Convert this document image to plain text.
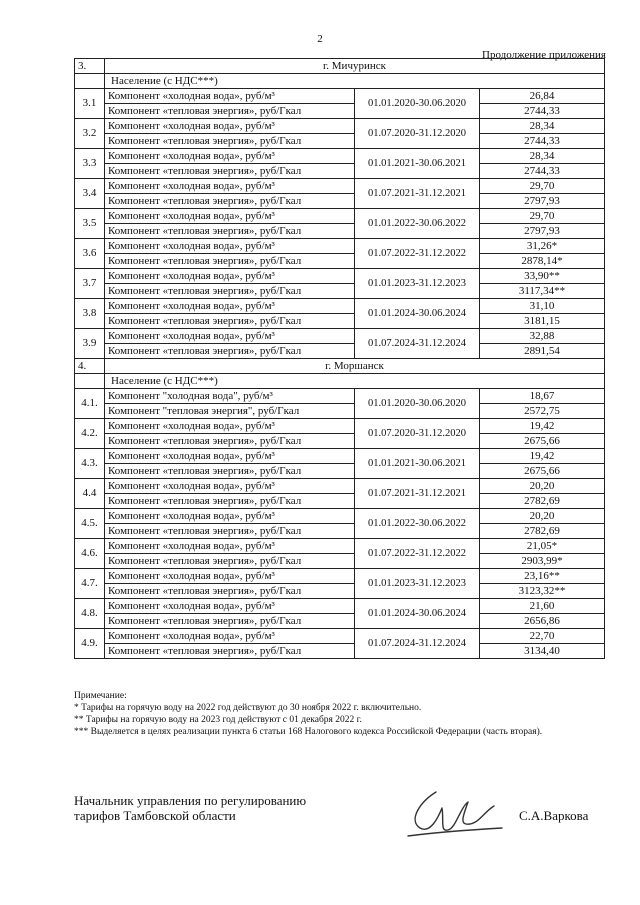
2
Продолжение приложения
3.	г. Мичуринск		
	Население (с НДС***)		
3.1	Компонент «холодная вода», руб/м³	01.01.2020-30.06.2020	26,84
	Компонент «тепловая энергия», руб/Гкал		2744,33
3.2	Компонент «холодная вода», руб/м³	01.07.2020-31.12.2020	28,34
	Компонент «тепловая энергия», руб/Гкал		2744,33
3.3	Компонент «холодная вода», руб/м³	01.01.2021-30.06.2021	28,34
	Компонент «тепловая энергия», руб/Гкал		2744,33
3.4	Компонент «холодная вода», руб/м³	01.07.2021-31.12.2021	29,70
	Компонент «тепловая энергия», руб/Гкал		2797,93
3.5	Компонент «холодная вода», руб/м³	01.01.2022-30.06.2022	29,70
	Компонент «тепловая энергия», руб/Гкал		2797,93
3.6	Компонент «холодная вода», руб/м³	01.07.2022-31.12.2022	31,26*
	Компонент «тепловая энергия», руб/Гкал		2878,14*
3.7	Компонент «холодная вода», руб/м³	01.01.2023-31.12.2023	33,90**
	Компонент «тепловая энергия», руб/Гкал		3117,34**
3.8	Компонент «холодная вода», руб/м³	01.01.2024-30.06.2024	31,10
	Компонент «тепловая энергия», руб/Гкал		3181,15
3.9	Компонент «холодная вода», руб/м³	01.07.2024-31.12.2024	32,88
	Компонент «тепловая энергия», руб/Гкал		2891,54
4.	г. Моршанск		
	Население (с НДС***)		
4.1.	Компонент "холодная вода", руб/м³	01.01.2020-30.06.2020	18,67
	Компонент "тепловая энергия", руб/Гкал		2572,75
4.2.	Компонент «холодная вода», руб/м³	01.07.2020-31.12.2020	19,42
	Компонент «тепловая энергия», руб/Гкал		2675,66
4.3.	Компонент «холодная вода», руб/м³	01.01.2021-30.06.2021	19,42
	Компонент «тепловая энергия», руб/Гкал		2675,66
4.4	Компонент «холодная вода», руб/м³	01.07.2021-31.12.2021	20,20
	Компонент «тепловая энергия», руб/Гкал		2782,69
4.5.	Компонент «холодная вода», руб/м³	01.01.2022-30.06.2022	20,20
	Компонент «тепловая энергия», руб/Гкал		2782,69
4.6.	Компонент «холодная вода», руб/м³	01.07.2022-31.12.2022	21,05*
	Компонент «тепловая энергия», руб/Гкал		2903,99*
4.7.	Компонент «холодная вода», руб/м³	01.01.2023-31.12.2023	23,16**
	Компонент «тепловая энергия», руб/Гкал		3123,32**
4.8.	Компонент «холодная вода», руб/м³	01.01.2024-30.06.2024	21,60
	Компонент «тепловая энергия», руб/Гкал		2656,86
4.9.	Компонент «холодная вода», руб/м³	01.07.2024-31.12.2024	22,70
	Компонент «тепловая энергия», руб/Гкал		3134,40
Примечание:
* Тарифы на горячую воду на 2022 год действуют до 30 ноября 2022 г. включительно.
** Тарифы на горячую воду на 2023 год действуют с 01 декабря 2022 г.
*** Выделяется в целях реализации пункта 6 статьи 168 Налогового кодекса Российской Федерации (часть вторая).
Начальник управления по регулированию
тарифов Тамбовской области	С.А.Варкова
